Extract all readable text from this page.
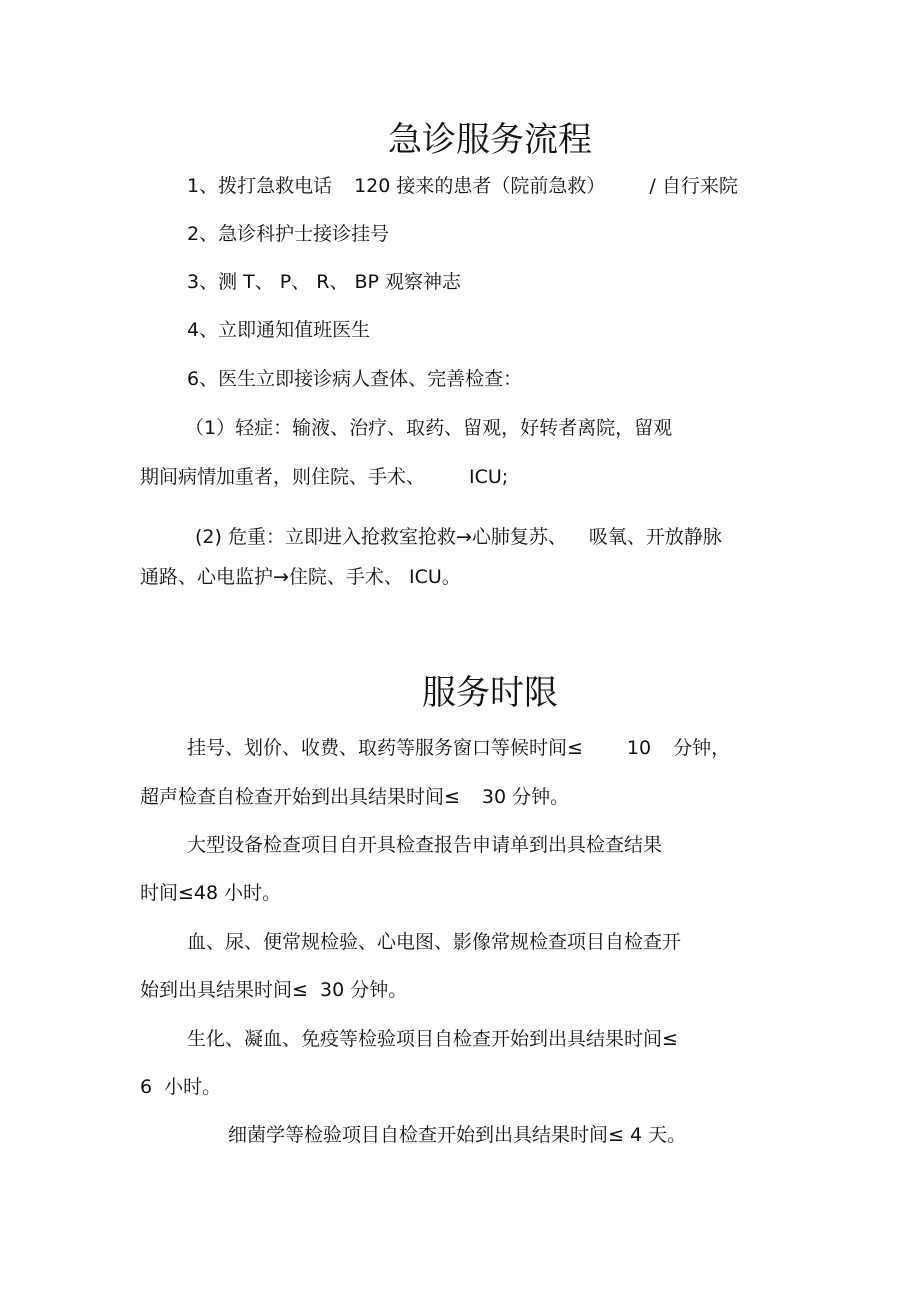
急诊服务流程

1、拨打急救电话 120 接来的患者（院前急救） / 自行来院

2、急诊科护士接诊挂号

3、测 T、 P、 R、 BP 观察神志

4、立即通知值班医生

6、医生立即接诊病人查体、完善检查：

（1）轻症：输液、治疗、取药、留观，好转者离院，留观

期间病情加重者，则住院、手术、 ICU;

(2) 危重：立即进入抢救室抢救→心肺复苏、 吸氧、开放静脉

通路、心电监护→住院、手术、 ICU。

服务时限

挂号、划价、收费、取药等服务窗口等候时间≤ 10 分钟，

超声检查自检查开始到出具结果时间≤ 30 分钟。

大型设备检查项目自开具检查报告申请单到出具检查结果

时间≤48 小时。

血、尿、便常规检验、心电图、影像常规检查项目自检查开

始到出具结果时间≤  30 分钟。

生化、凝血、免疫等检验项目自检查开始到出具结果时间≤

6  小时。

细菌学等检验项目自检查开始到出具结果时间≤ 4 天。
